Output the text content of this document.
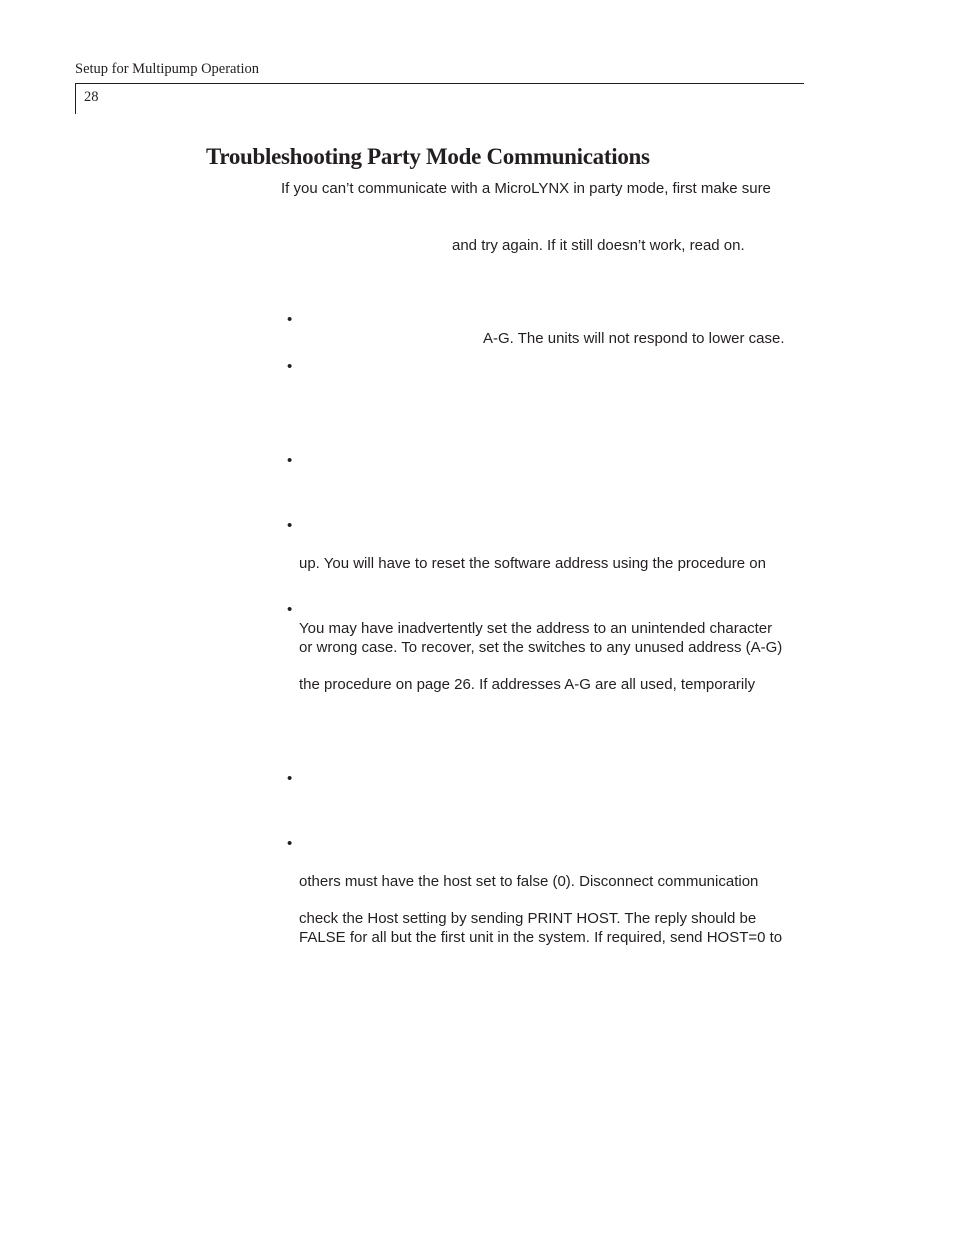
Setup for Multipump Operation
28
Troubleshooting Party Mode Communications
If you can’t communicate with a MicroLYNX in party mode, first make sure
and try again. If it still doesn’t work, read on.
•
A-G. The units will not respond to lower case.
•
•
•
up. You will have to reset the software address using the procedure on
•
You may have inadvertently set the address to an unintended character
or wrong case. To recover, set the switches to any unused address (A-G)
the procedure on page 26. If addresses A-G are all used, temporarily
•
•
others must have the host set to false (0). Disconnect communication
check the Host setting by sending PRINT HOST. The reply should be
FALSE for all but the first unit in the system. If required, send HOST=0 to
